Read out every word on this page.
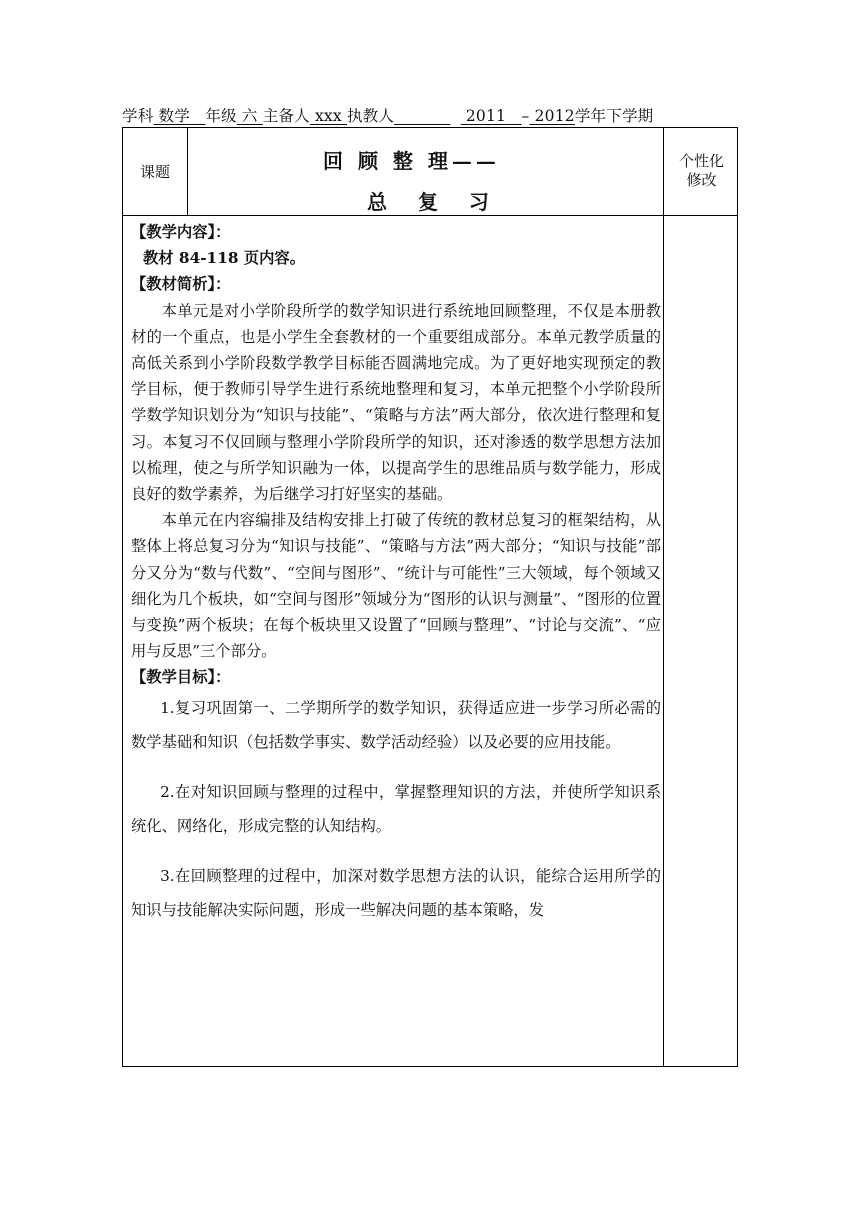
学科 数学 年级 六 主备人 xxx 执教人	2011 – 2012学年下学期
课题	回 顾 整 理——
总 复 习
个性化
修改

【教学内容】：

教材 84-118 页内容。

【教材简析】：

本单元是对小学阶段所学的数学知识进行系统地回顾整理，不仅是本册教材的一个重点，也是小学生全套教材的一个重要组成部分。本单元教学质量的高低关系到小学阶段数学教学目标能否圆满地完成。为了更好地实现预定的教学目标，便于教师引导学生进行系统地整理和复习，本单元把整个小学阶段所学数学知识划分为“知识与技能”、“策略与方法”两大部分，依次进行整理和复习。本复习不仅回顾与整理小学阶段所学的知识，还对渗透的数学思想方法加以梳理，使之与所学知识融为一体，以提高学生的思维品质与数学能力，形成良好的数学素养，为后继学习打好坚实的基础。

本单元在内容编排及结构安排上打破了传统的教材总复习的框架结构，从整体上将总复习分为“知识与技能”、“策略与方法”两大部分；“知识与技能”部分又分为“数与代数”、“空间与图形”、“统计与可能性”三大领域，每个领域又细化为几个板块，如“空间与图形”领域分为“图形的认识与测量”、“图形的位置与变换”两个板块；在每个板块里又设置了“回顾与整理”、“讨论与交流”、“应用与反思”三个部分。

【教学目标】：

1.复习巩固第一、二学期所学的数学知识，获得适应进一步学习所必需的数学基础和知识（包括数学事实、数学活动经验）以及必要的应用技能。

2.在对知识回顾与整理的过程中，掌握整理知识的方法，并使所学知识系统化、网络化，形成完整的认知结构。

3.在回顾整理的过程中，加深对数学思想方法的认识，能综合运用所学的知识与技能解决实际问题，形成一些解决问题的基本策略，发
